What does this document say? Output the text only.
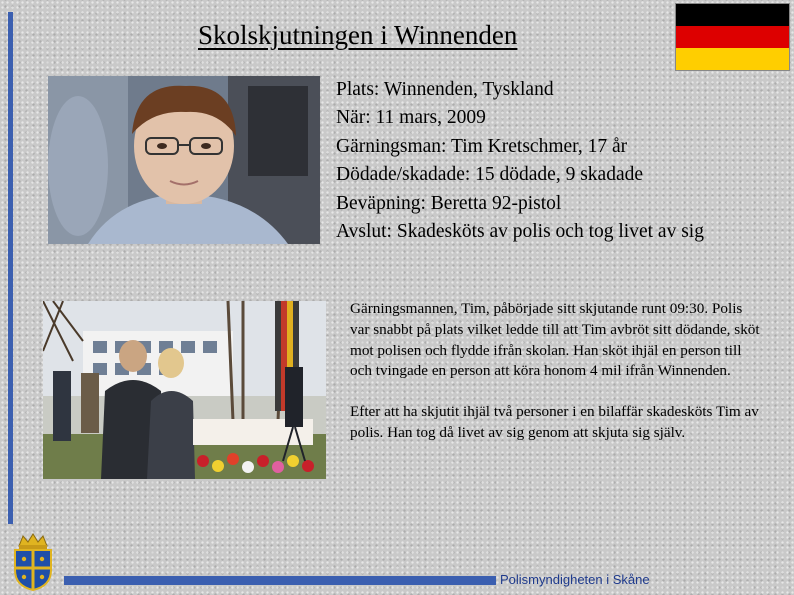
Skolskjutningen i Winnenden
Plats: Winnenden, Tyskland
När: 11 mars, 2009
Gärningsman: Tim Kretschmer, 17 år
Dödade/skadade: 15 dödade, 9 skadade
Beväpning: Beretta 92-pistol
Avslut: Skadesköts av polis och tog livet av sig

Gärningsmannen, Tim, påbörjade sitt skjutande runt 09:30. Polis var snabbt på plats vilket ledde till att Tim avbröt sitt dödande, sköt mot polisen och flydde ifrån skolan. Han sköt ihjäl en person till och tvingade en person att köra honom 4 mil ifrån Winnenden.

Efter att ha skjutit ihjäl två personer i en bilaffär skadesköts Tim av polis. Han tog då livet av sig genom att skjuta sig själv.

Polismyndigheten i Skåne
